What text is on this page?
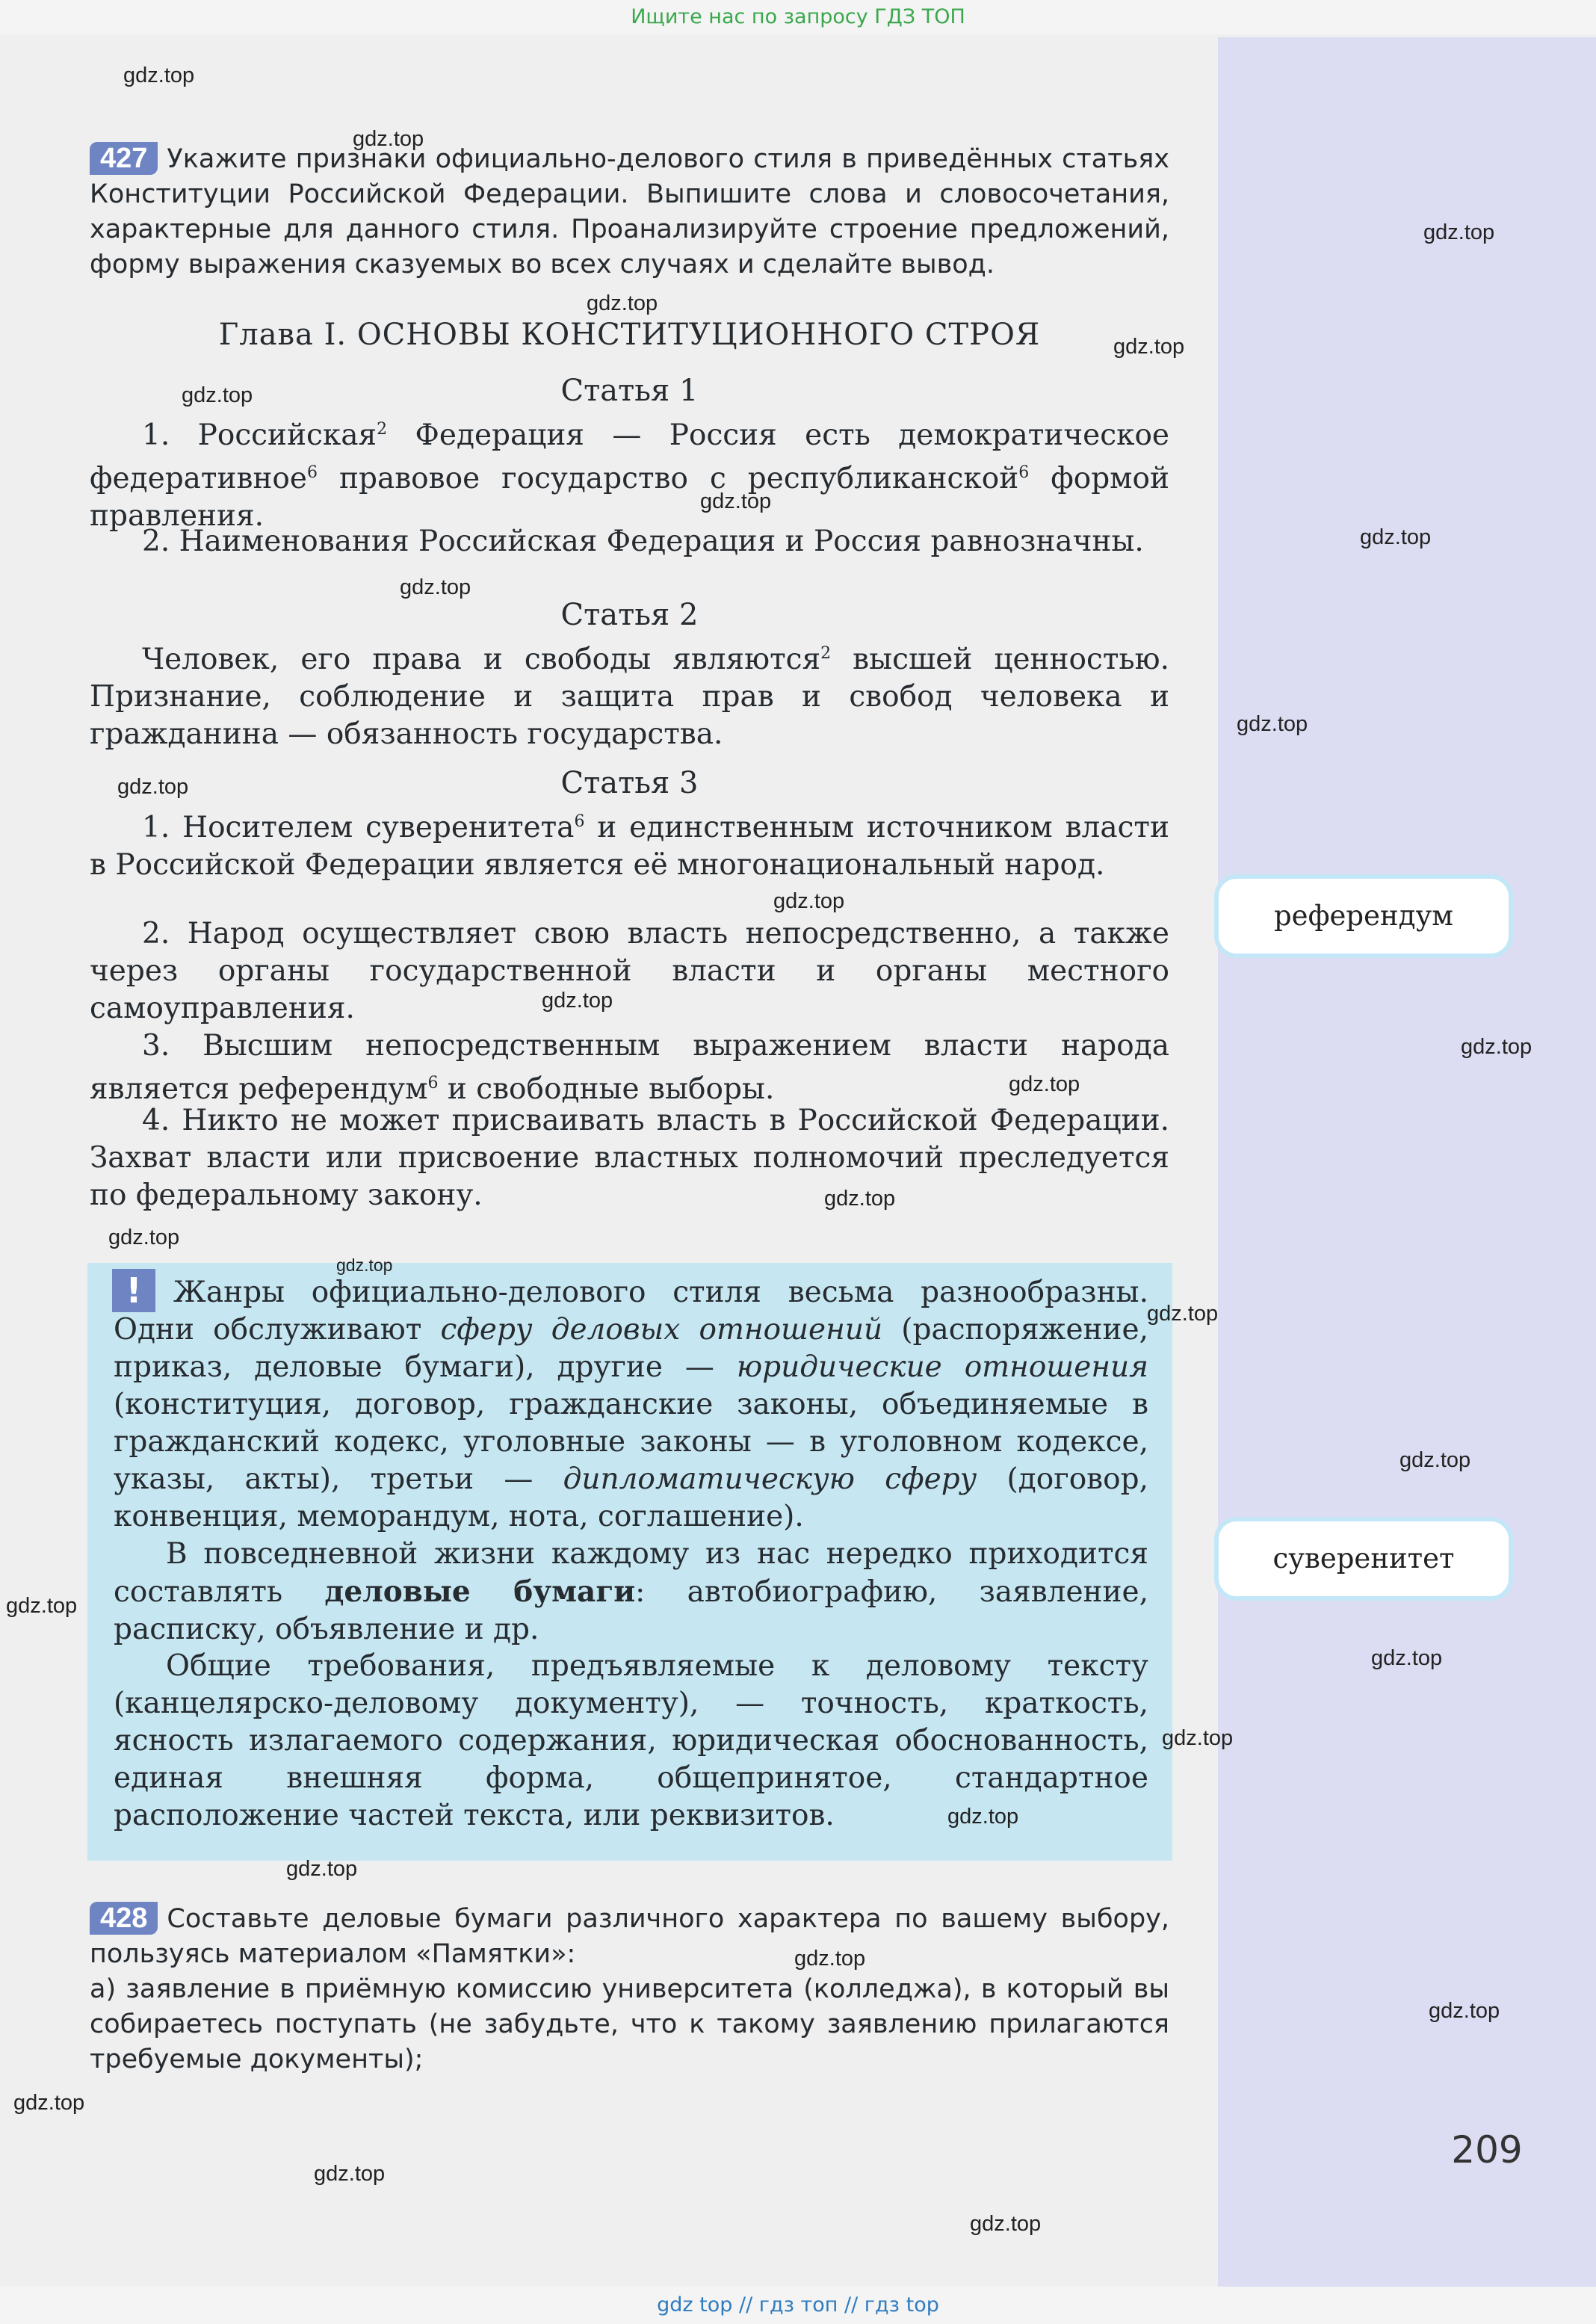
Ищите нас по запросу ГДЗ ТОП

427 Укажите признаки официально-делового стиля в приведённых статьях Конституции Российской Федерации. Выпишите слова и словосочетания, характерные для данного стиля. Проанализируйте строение предложений, форму выражения сказуемых во всех случаях и сделайте вывод.

Глава I. ОСНОВЫ КОНСТИТУЦИОННОГО СТРОЯ
Статья 1

1. Российская$^2$ Федерация — Россия есть демократическое федеративное$^6$ правовое государство с республиканской$^6$ формой правления.

2. Наименования Российская Федерация и Россия равнозначны.

Статья 2

Человек, его права и свободы являются$^2$ высшей ценностью. Признание, соблюдение и защита прав и свобод человека и гражданина — обязанность государства.

Статья 3

1. Носителем суверенитета$^6$ и единственным источником власти в Российской Федерации является её многонациональный народ.

2. Народ осуществляет свою власть непосредственно, а также через органы государственной власти и органы местного самоуправления.

3. Высшим непосредственным выражением власти народа является референдум$^6$ и свободные выборы.

4. Никто не может присваивать власть в Российской Федерации. Захват власти или присвоение властных полномочий преследуется по федеральному закону.

!	Жанры официально-делового стиля весьма разнообразны. Одни обслуживают сферу деловых отношений (распоряжение, приказ, деловые бумаги), другие — юридические отношения (конституция, договор, гражданские законы, объединяемые в гражданский кодекс, уголовные законы — в уголовном кодексе, указы, акты), третьи — дипломатическую сферу (договор, конвенция, меморандум, нота, соглашение).

В повседневной жизни каждому из нас нередко приходится составлять деловые бумаги: автобиографию, заявление, расписку, объявление и др.

Общие требования, предъявляемые к деловому тексту (канцелярско-деловому документу), — точность, краткость, ясность излагаемого содержания, юридическая обоснованность, единая внешняя форма, общепринятое, стандартное расположение частей текста, или реквизитов.

428 Составьте деловые бумаги различного характера по вашему выбору, пользуясь материалом «Памятки»:

а) заявление в приёмную комиссию университета (колледжа), в который вы собираетесь поступать (не забудьте, что к такому заявлению прилагаются требуемые документы);

референдум
суверенитет
209
gdz.top
gdz.top
gdz.top
gdz.top
gdz.top
gdz.top
gdz.top
gdz.top
gdz.top
gdz.top
gdz.top
gdz.top
gdz.top
gdz.top
gdz.top
gdz.top
gdz.top
gdz.top
gdz.top
gdz.top
gdz.top
gdz.top
gdz.top
gdz.top
gdz.top
gdz.top
gdz.top
gdz.top
gdz.top
gdz.top
gdz top // гдз топ // гдз top
